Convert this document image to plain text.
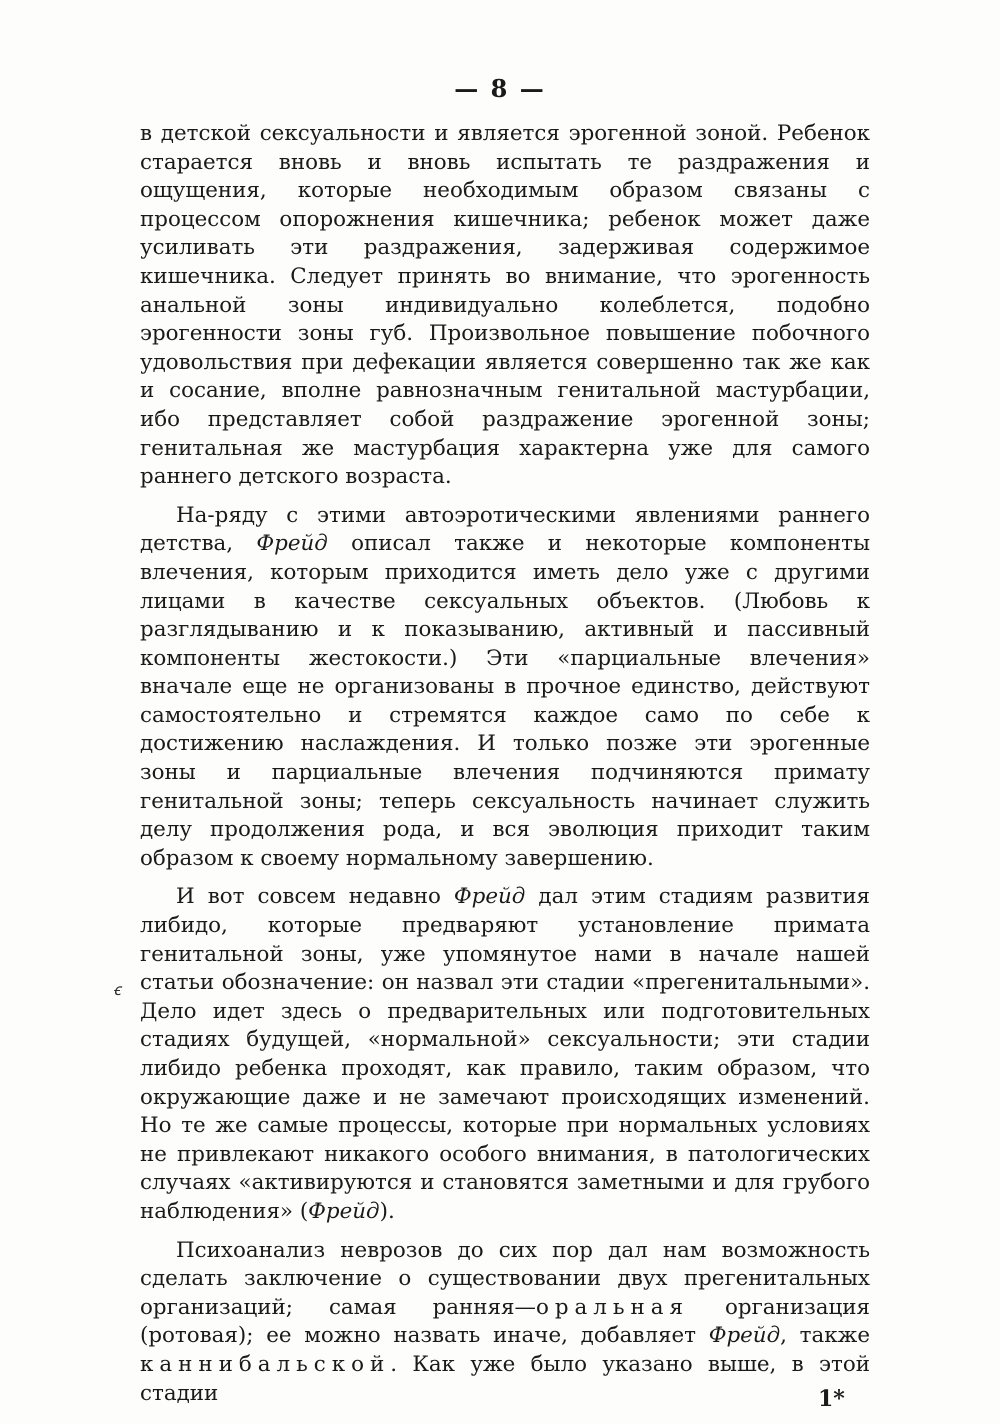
— 8 —

в детской сексуальности и является эрогенной зоной. Ребенок старается вновь и вновь испытать те раздражения и ощущения, которые необходимым образом связаны с процессом опорожнения кишечника; ребенок может даже усиливать эти раздражения, задерживая содержимое кишечника. Следует принять во внимание, что эрогенность анальной зоны индивидуально колеблется, подобно эрогенности зоны губ. Произвольное повышение побочного удовольствия при дефекации является совершенно так же как и сосание, вполне равнозначным генитальной мастурбации, ибо представляет собой раздражение эрогенной зоны; генитальная же мастурбация характерна уже для самого раннего детского возраста.

На-ряду с этими автоэротическими явлениями раннего детства, Фрейд описал также и некоторые компоненты влечения, которым приходится иметь дело уже с другими лицами в качестве сексуальных объектов. (Любовь к разглядыванию и к показыванию, активный и пассивный компоненты жестокости.) Эти «парциальные влечения» вначале еще не организованы в прочное единство, действуют самостоятельно и стремятся каждое само по себе к достижению наслаждения. И только позже эти эрогенные зоны и парциальные влечения подчиняются примату генитальной зоны; теперь сексуальность начинает служить делу продолжения рода, и вся эволюция приходит таким образом к своему нормальному завершению.

И вот совсем недавно Фрейд дал этим стадиям развития либидо, которые предваряют установление примата генитальной зоны, уже упомянутое нами в начале нашей статьи обозначение: он назвал эти стадии «прегенитальными». Дело идет здесь о предварительных или подготовительных стадиях будущей, «нормальной» сексуальности; эти стадии либидо ребенка проходят, как правило, таким образом, что окружающие даже и не замечают происходящих изменений. Но те же самые процессы, которые при нормальных условиях не привлекают никакого особого внимания, в патологических случаях «активируются и становятся заметными и для грубого наблюдения» (Фрейд).

Психоанализ неврозов до сих пор дал нам возможность сделать заключение о существовании двух прегенитальных организаций; самая ранняя—оральная организация (ротовая); ее можно назвать иначе, добавляет Фрейд, также каннибальской. Как уже было указано выше, в этой стадии

ꞓ
1*
